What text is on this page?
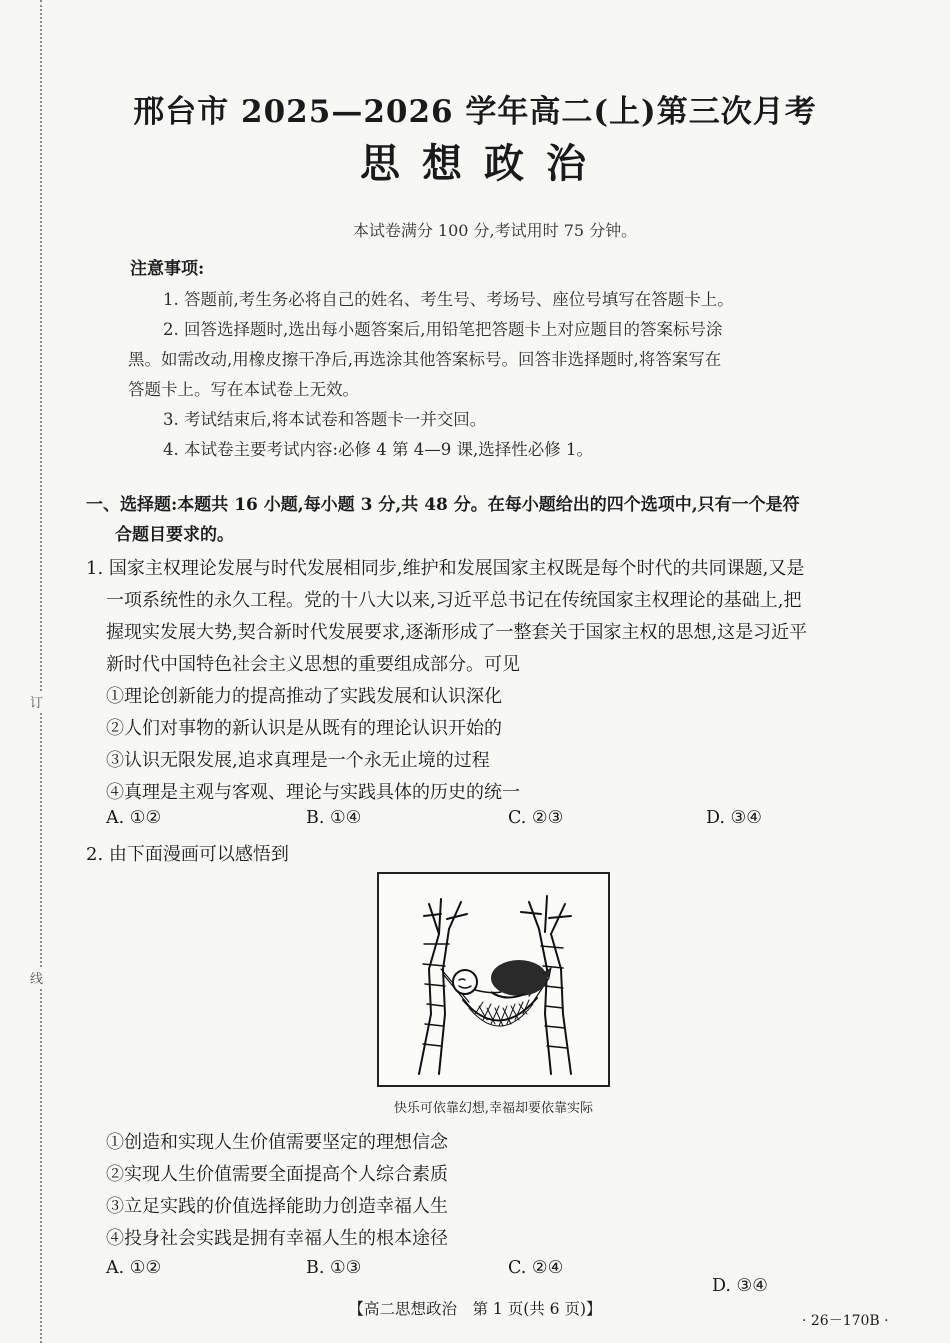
订
线
邢台市 2025—2026 学年高二(上)第三次月考
思想政治
本试卷满分 100 分,考试用时 75 分钟。
注意事项:
1. 答题前,考生务必将自己的姓名、考生号、考场号、座位号填写在答题卡上。
2. 回答选择题时,选出每小题答案后,用铅笔把答题卡上对应题目的答案标号涂
黑。如需改动,用橡皮擦干净后,再选涂其他答案标号。回答非选择题时,将答案写在
答题卡上。写在本试卷上无效。
3. 考试结束后,将本试卷和答题卡一并交回。
4. 本试卷主要考试内容:必修 4 第 4—9 课,选择性必修 1。
一、选择题:本题共 16 小题,每小题 3 分,共 48 分。在每小题给出的四个选项中,只有一个是符
合题目要求的。
1. 国家主权理论发展与时代发展相同步,维护和发展国家主权既是每个时代的共同课题,又是
一项系统性的永久工程。党的十八大以来,习近平总书记在传统国家主权理论的基础上,把
握现实发展大势,契合新时代发展要求,逐渐形成了一整套关于国家主权的思想,这是习近平
新时代中国特色社会主义思想的重要组成部分。可见
①理论创新能力的提高推动了实践发展和认识深化
②人们对事物的新认识是从既有的理论认识开始的
③认识无限发展,追求真理是一个永无止境的过程
④真理是主观与客观、理论与实践具体的历史的统一
A. ①②	B. ①④	C. ②③	D. ③④
2. 由下面漫画可以感悟到
快乐可依靠幻想,幸福却要依靠实际
①创造和实现人生价值需要坚定的理想信念
②实现人生价值需要全面提高个人综合素质
③立足实践的价值选择能助力创造幸福人生
④投身社会实践是拥有幸福人生的根本途径
A. ①②	B. ①③	C. ②④
D. ③④
【高二思想政治　第 1 页(共 6 页)】
· 26－170B ·
